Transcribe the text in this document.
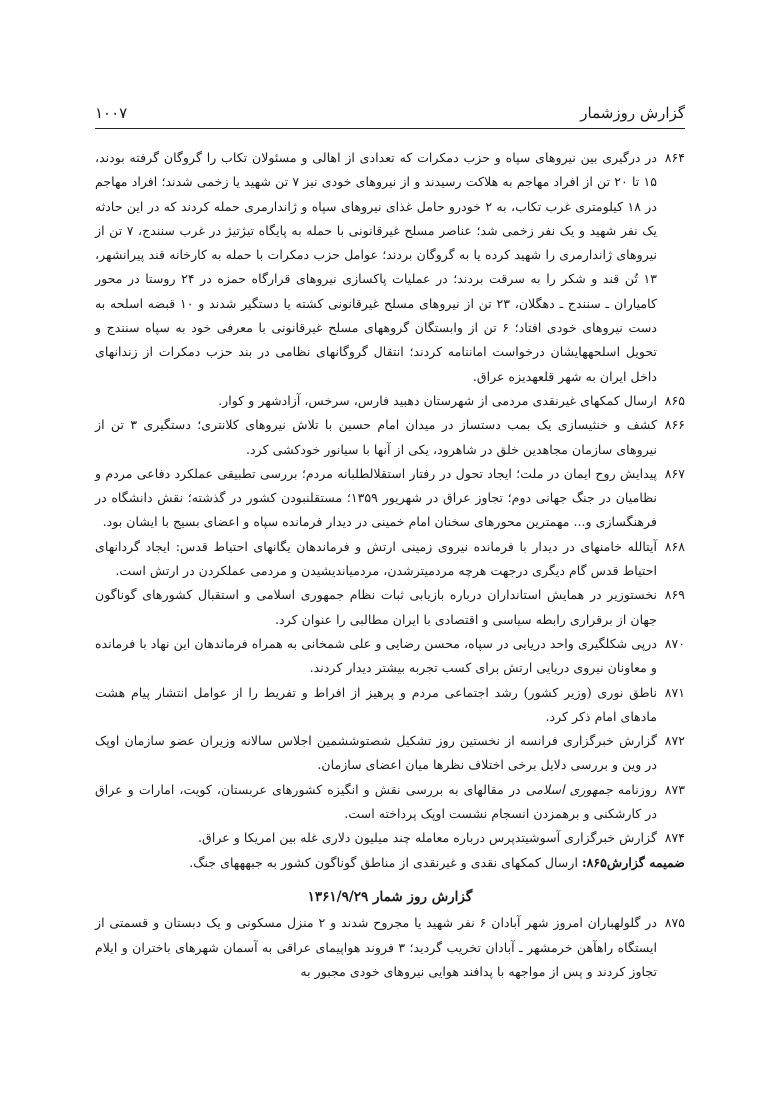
گزارش روزشمار
۱۰۰۷

۸۶۴
در درگیری بین نیروهای سپاه و حزب دمکرات که تعدادی از اهالی و مسئولان تکاب را گروگان گرفته بودند، ۱۵ تا ۲۰ تن از افراد مهاجم به هلاکت رسیدند و از نیروهای خودی نیز ۷ تن شهید یا زخمی شدند؛ افراد مهاجم در ۱۸ کیلومتری غرب تکاب، به ۲ خودرو حامل غذای نیروهای سپاه و ژاندارمری حمله کردند که در این حادثه یک نفر شهید و یک نفر زخمی شد؛ عناصر مسلح غیرقانونی با حمله به پایگاه تیژتیژ در غرب سنندج، ۷ تن از نیروهای ژاندارمری را شهید کرده یا به گروگان بردند؛ عوامل حزب دمکرات با حمله به کارخانه قند پیرانشهر، ۱۳ تُن قند و شکر را به سرقت بردند؛ در عملیات پاکسازی نیروهای قرارگاه حمزه در ۲۴ روستا در محور کامیاران ـ سنندج ـ دهگلان، ۲۳ تن از نیروهای مسلح غیرقانونی کشته یا دستگیر شدند و ۱۰ قبضه اسلحه به دست نیروهای خودی افتاد؛ ۶ تن از وابستگان گروههای مسلح غیرقانونی با معرفی خود به سپاه سنندج و تحویل اسلحههایشان درخواست اماننامه کردند؛ انتقال گروگانهای نظامی در بند حزب دمکرات از زندانهای داخل ایران به شهر قلعهدیزه عراق.

۸۶۵
ارسال کمکهای غیرنقدی مردمی از شهرستان دهبید فارس، سرخس، آزادشهر و کوار.

۸۶۶
کشف و خنثیسازی یک بمب دستساز در میدان امام حسین با تلاش نیروهای کلانتری؛ دستگیری ۳ تن از نیروهای سازمان مجاهدین خلق در شاهرود، یکی از آنها با سیانور خودکشی کرد.

۸۶۷
پیدایش روح ایمان در ملت؛ ایجاد تحول در رفتار استقلالطلبانه مردم؛ بررسی تطبیقی عملکرد دفاعی مردم و نظامیان در جنگ جهانی دوم؛ تجاوز عراق در شهریور ۱۳۵۹؛ مستقلنبودن کشور در گذشته؛ نقش دانشگاه در فرهنگسازی و... مهمترین محورهای سخنان امام خمینی در دیدار فرمانده سپاه و اعضای بسیج با ایشان بود.

۸۶۸
آیتالله خامنهای در دیدار با فرمانده نیروی زمینی ارتش و فرماندهان یگانهای احتیاط قدس: ایجاد گردانهای احتیاط قدس گام دیگری درجهت هرچه مردمیترشدن، مردمیاندیشیدن و مردمی عملکردن در ارتش است.

۸۶۹
نخستوزیر در همایش استانداران درباره بازیابی ثبات نظام جمهوری اسلامی و استقبال کشورهای گوناگون جهان از برقراری رابطه سیاسی و اقتصادی با ایران مطالبی را عنوان کرد.

۸۷۰
درپی شکلگیری واحد دریایی در سپاه، محسن رضایی و علی شمخانی به همراه فرماندهان این نهاد با فرمانده و معاونان نیروی دریایی ارتش برای کسب تجربه بیشتر دیدار کردند.

۸۷۱
ناطق نوری (وزیر کشور) رشد اجتماعی مردم و پرهیز از افراط و تفریط را از عوامل انتشار پیام هشت مادهای امام ذکر کرد.

۸۷۲
گزارش خبرگزاری فرانسه از نخستین روز تشکیل شصتوششمین اجلاس سالانه وزیران عضو سازمان اوپک در وین و بررسی دلایل برخی اختلاف نظرها میان اعضای سازمان.

۸۷۳
روزنامه جمهوری اسلامی در مقالهای به بررسی نقش و انگیزه کشورهای عربستان، کویت، امارات و عراق در کارشکنی و برهمزدن انسجام نشست اوپک پرداخته است.

۸۷۴
گزارش خبرگزاری آسوشیتدپرس درباره معامله چند میلیون دلاری غله بین امریکا و عراق.

ضمیمه گزارش۸۶۵: ارسال کمکهای نقدی و غیرنقدی از مناطق گوناگون کشور به جبهههای جنگ.

گزارش روز شمار ۱۳۶۱/۹/۲۹

۸۷۵
در گلولهباران امروز شهر آبادان ۶ نفر شهید یا مجروح شدند و ۲ منزل مسکونی و یک دبستان و قسمتی از ایستگاه راهآهن خرمشهر ـ آبادان تخریب گردید؛ ۳ فروند هواپیمای عراقی به آسمان شهرهای باختران و ایلام تجاوز کردند و پس از مواجهه با پدافند هوایی نیروهای خودی مجبور به
